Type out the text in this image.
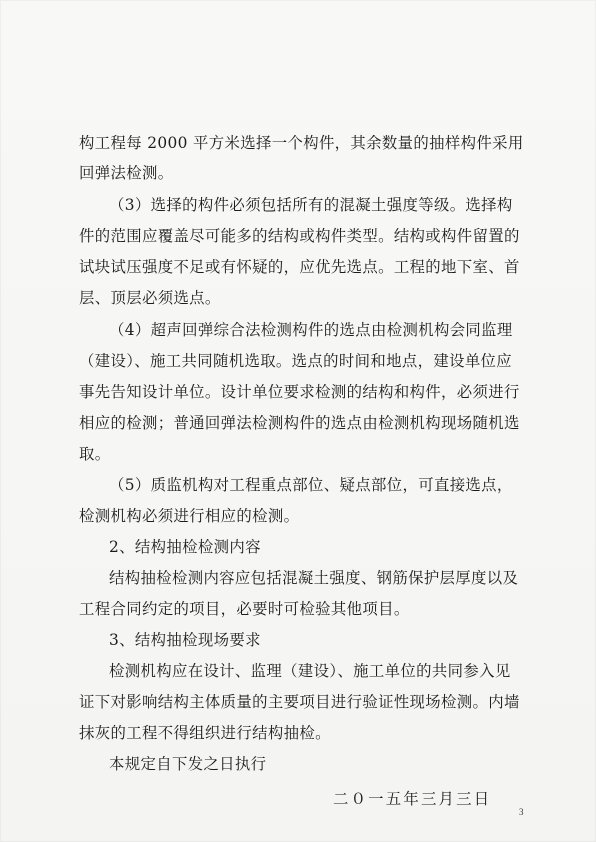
构工程每 2000 平方米选择一个构件，其余数量的抽样构件采用
回弹法检测。
（3）选择的构件必须包括所有的混凝土强度等级。选择构
件的范围应覆盖尽可能多的结构或构件类型。结构或构件留置的
试块试压强度不足或有怀疑的，应优先选点。工程的地下室、首
层、顶层必须选点。
（4）超声回弹综合法检测构件的选点由检测机构会同监理
（建设）、施工共同随机选取。选点的时间和地点，建设单位应
事先告知设计单位。设计单位要求检测的结构和构件，必须进行
相应的检测；普通回弹法检测构件的选点由检测机构现场随机选
取。
（5）质监机构对工程重点部位、疑点部位，可直接选点，
检测机构必须进行相应的检测。
2、结构抽检检测内容
结构抽检检测内容应包括混凝土强度、钢筋保护层厚度以及
工程合同约定的项目，必要时可检验其他项目。
3、结构抽检现场要求
检测机构应在设计、监理（建设）、施工单位的共同参入见
证下对影响结构主体质量的主要项目进行验证性现场检测。内墙
抹灰的工程不得组织进行结构抽检。
本规定自下发之日执行
二０一五年三月三日
3
